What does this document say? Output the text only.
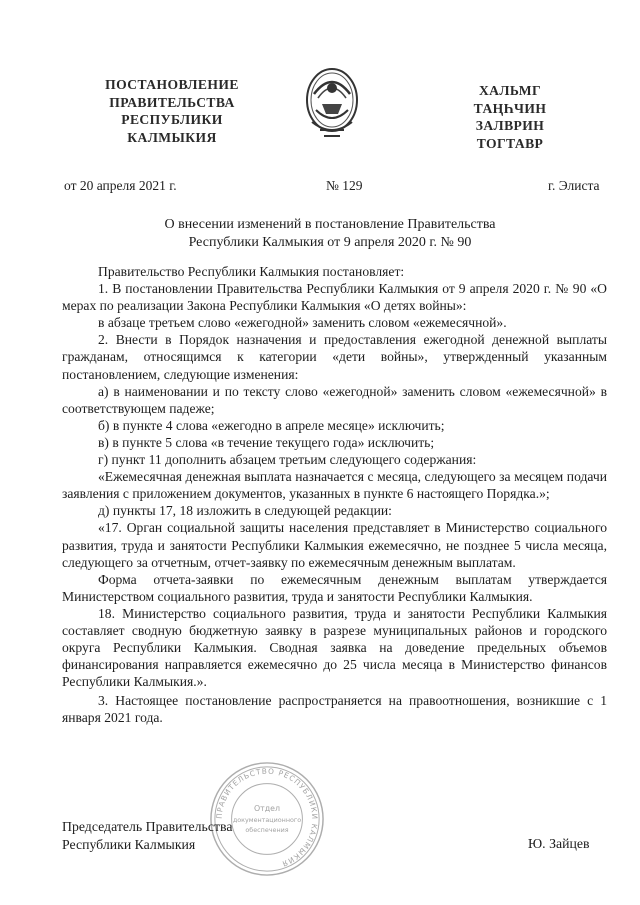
ПОСТАНОВЛЕНИЕ
ПРАВИТЕЛЬСТВА
РЕСПУБЛИКИ
КАЛМЫКИЯ
ХАЛЬМГ
ТАҢҺЧИН
ЗАЛВРИН
ТОГТАВР
от 20 апреля 2021 г.	№ 129	г. Элиста
О внесении изменений в постановление Правительства
Республики Калмыкия от 9 апреля 2020 г. № 90

Правительство Республики Калмыкия постановляет:

1. В постановлении Правительства Республики Калмыкия от 9 апреля 2020 г. № 90 «О мерах по реализации Закона Республики Калмыкия «О детях войны»:

в абзаце третьем слово «ежегодной» заменить словом «ежемесячной».

2. Внести в Порядок назначения и предоставления ежегодной денежной выплаты гражданам, относящимся к категории «дети войны», утвержденный указанным постановлением, следующие изменения:

а) в наименовании и по тексту слово «ежегодной» заменить словом «ежемесячной» в соответствующем падеже;

б) в пункте 4 слова «ежегодно в апреле месяце» исключить;

в) в пункте 5 слова «в течение текущего года» исключить;

г) пункт 11 дополнить абзацем третьим следующего содержания:

«Ежемесячная денежная выплата назначается с месяца, следующего за месяцем подачи заявления с приложением документов, указанных в пункте 6 настоящего Порядка.»;

д) пункты 17, 18 изложить в следующей редакции:

«17. Орган социальной защиты населения представляет в Министерство социального развития, труда и занятости Республики Калмыкия ежемесячно, не позднее 5 числа месяца, следующего за отчетным, отчет-заявку по ежемесячным денежным выплатам.

Форма отчета-заявки по ежемесячным денежным выплатам утверждается Министерством социального развития, труда и занятости Республики Калмыкия.

18. Министерство социального развития, труда и занятости Республики Калмыкия составляет сводную бюджетную заявку в разрезе муниципальных районов и городского округа Республики Калмыкия. Сводная заявка на доведение предельных объемов финансирования направляется ежемесячно до 25 числа месяца в Министерство финансов Республики Калмыкия.».

3. Настоящее постановление распространяется на правоотношения, возникшие с 1 января 2021 года.

ПРАВИТЕЛЬСТВО РЕСПУБЛИКИ КАЛМЫКИЯ
Отдел
документационного
обеспечения
Председатель Правительства
Республики Калмыкия	Ю. Зайцев
